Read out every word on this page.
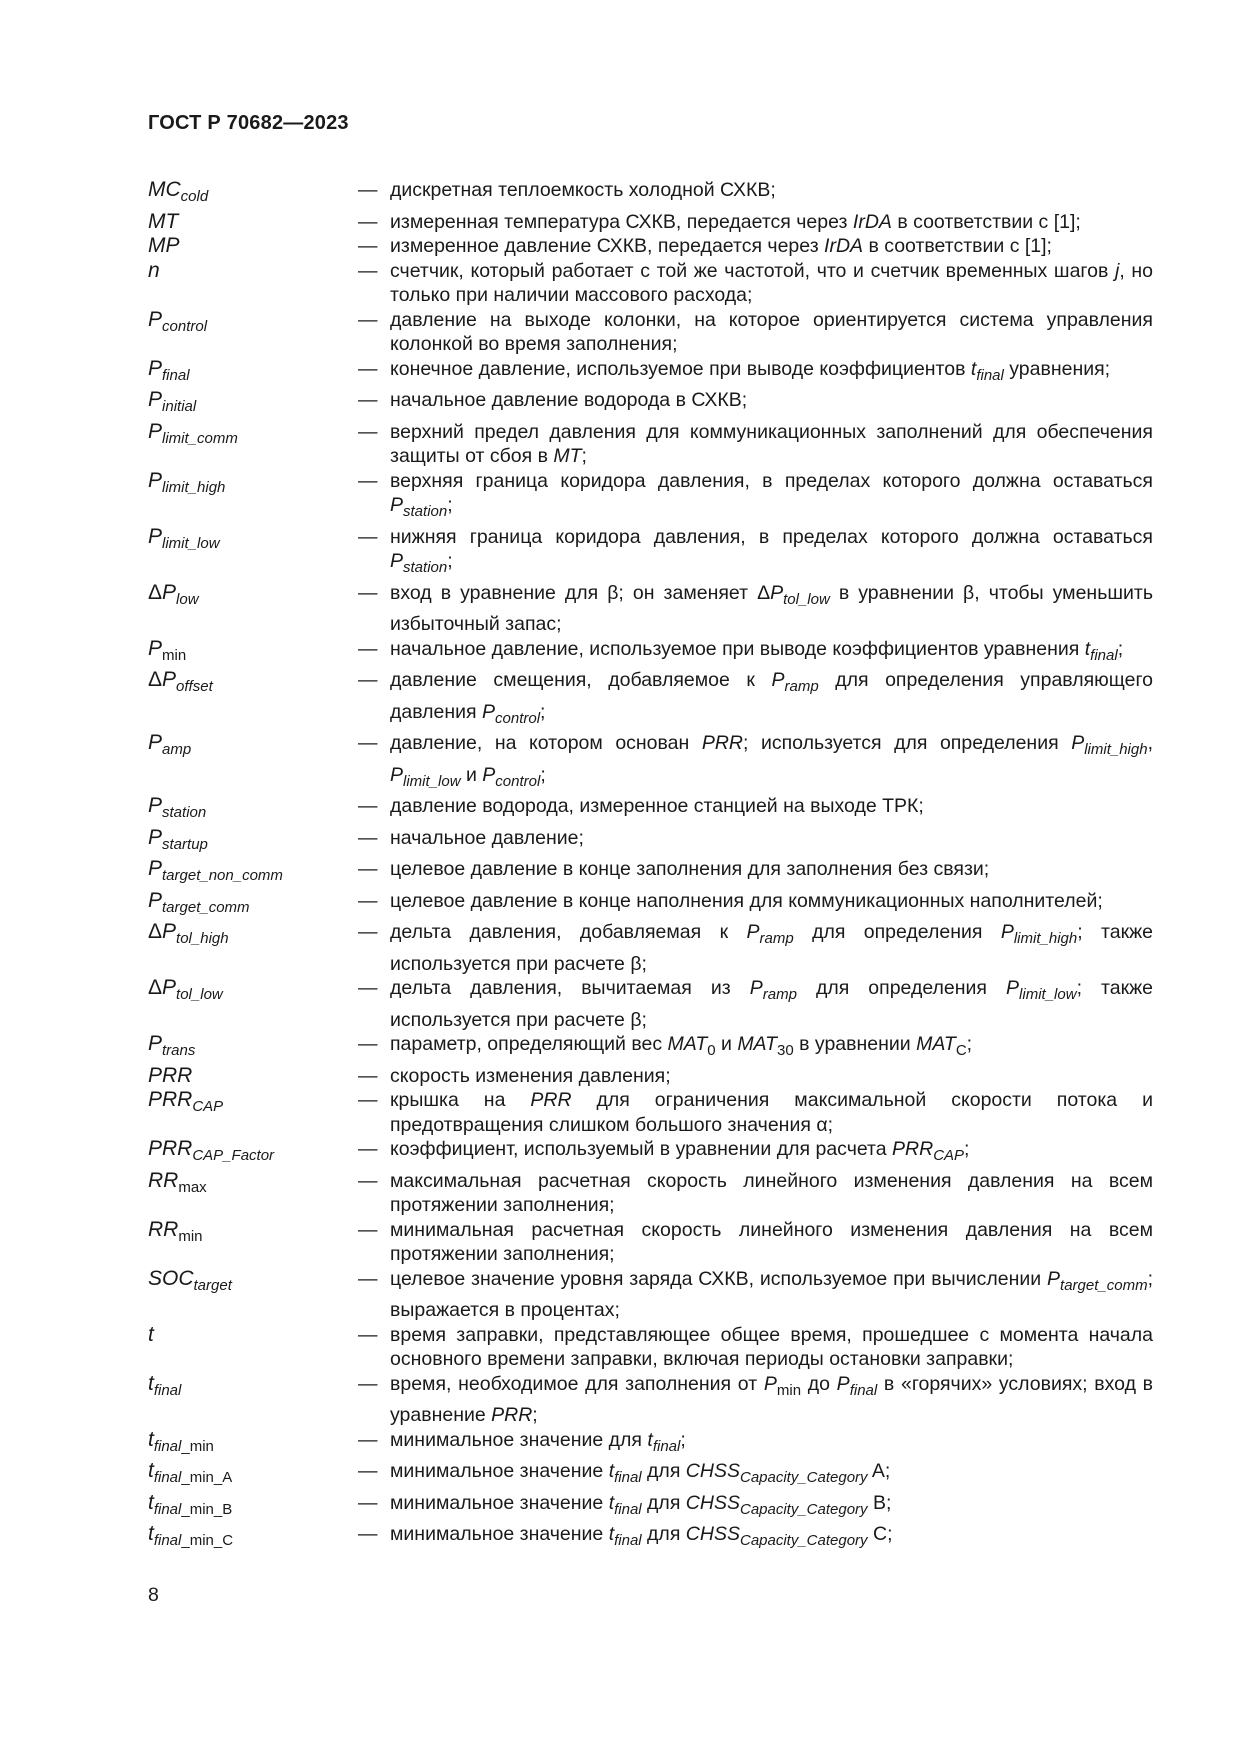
ГОСТ Р 70682—2023
$MC_{cold}$	— дискретная теплоемкость холодной СХКВ;
MT	— измеренная температура СХКВ, передается через IrDA в соответствии с [1];
MP	— измеренное давление СХКВ, передается через IrDA в соответствии с [1];
n	— счетчик, который работает с той же частотой, что и счетчик временных шагов j, но только при наличии массового расхода;
$P_{control}$	— давление на выходе колонки, на которое ориентируется система управления колонкой во время заполнения;
$P_{final}$	— конечное давление, используемое при выводе коэффициентов $t_{final}$ уравнения;
$P_{initial}$	— начальное давление водорода в СХКВ;
$P_{limit\_comm}$	— верхний предел давления для коммуникационных заполнений для обеспечения защиты от сбоя в MT;
$P_{limit\_high}$	— верхняя граница коридора давления, в пределах которого должна оставаться $P_{station}$;
$P_{limit\_low}$	— нижняя граница коридора давления, в пределах которого должна оставаться $P_{station}$;
$\Delta P_{low}$	— вход в уравнение для β; он заменяет $\Delta P_{tol\_low}$ в уравнении β, чтобы уменьшить избыточный запас;
$P_{min}$	— начальное давление, используемое при выводе коэффициентов уравнения $t_{final}$;
$\Delta P_{offset}$	— давление смещения, добавляемое к $P_{ramp}$ для определения управляющего давления $P_{control}$;
$P_{amp}$	— давление, на котором основан PRR; используется для определения $P_{limit\_high}$, $P_{limit\_low}$ и $P_{control}$;
$P_{station}$	— давление водорода, измеренное станцией на выходе ТРК;
$P_{startup}$	— начальное давление;
$P_{target\_non\_comm}$	— целевое давление в конце заполнения для заполнения без связи;
$P_{target\_comm}$	— целевое давление в конце наполнения для коммуникационных наполнителей;
$\Delta P_{tol\_high}$	— дельта давления, добавляемая к $P_{ramp}$ для определения $P_{limit\_high}$; также используется при расчете β;
$\Delta P_{tol\_low}$	— дельта давления, вычитаемая из $P_{ramp}$ для определения $P_{limit\_low}$; также используется при расчете β;
$P_{trans}$	— параметр, определяющий вес $MAT_0$ и $MAT_{30}$ в уравнении $MAT_C$;
PRR	— скорость изменения давления;
$PRR_{CAP}$	— крышка на PRR для ограничения максимальной скорости потока и предотвращения слишком большого значения α;
$PRR_{CAP\_Factor}$	— коэффициент, используемый в уравнении для расчета $PRR_{CAP}$;
$RR_{max}$	— максимальная расчетная скорость линейного изменения давления на всем протяжении заполнения;
$RR_{min}$	— минимальная расчетная скорость линейного изменения давления на всем протяжении заполнения;
$SOC_{target}$	— целевое значение уровня заряда СХКВ, используемое при вычислении $P_{target\_comm}$; выражается в процентах;
t	— время заправки, представляющее общее время, прошедшее с момента начала основного времени заправки, включая периоды остановки заправки;
$t_{final}$	— время, необходимое для заполнения от $P_{min}$ до $P_{final}$ в «горячих» условиях; вход в уравнение PRR;
$t_{final\_min}$	— минимальное значение для $t_{final}$;
$t_{final\_min\_A}$	— минимальное значение $t_{final}$ для $CHSS_{Capacity\_Category}$ A;
$t_{final\_min\_B}$	— минимальное значение $t_{final}$ для $CHSS_{Capacity\_Category}$ B;
$t_{final\_min\_C}$	— минимальное значение $t_{final}$ для $CHSS_{Capacity\_Category}$ C;
8
